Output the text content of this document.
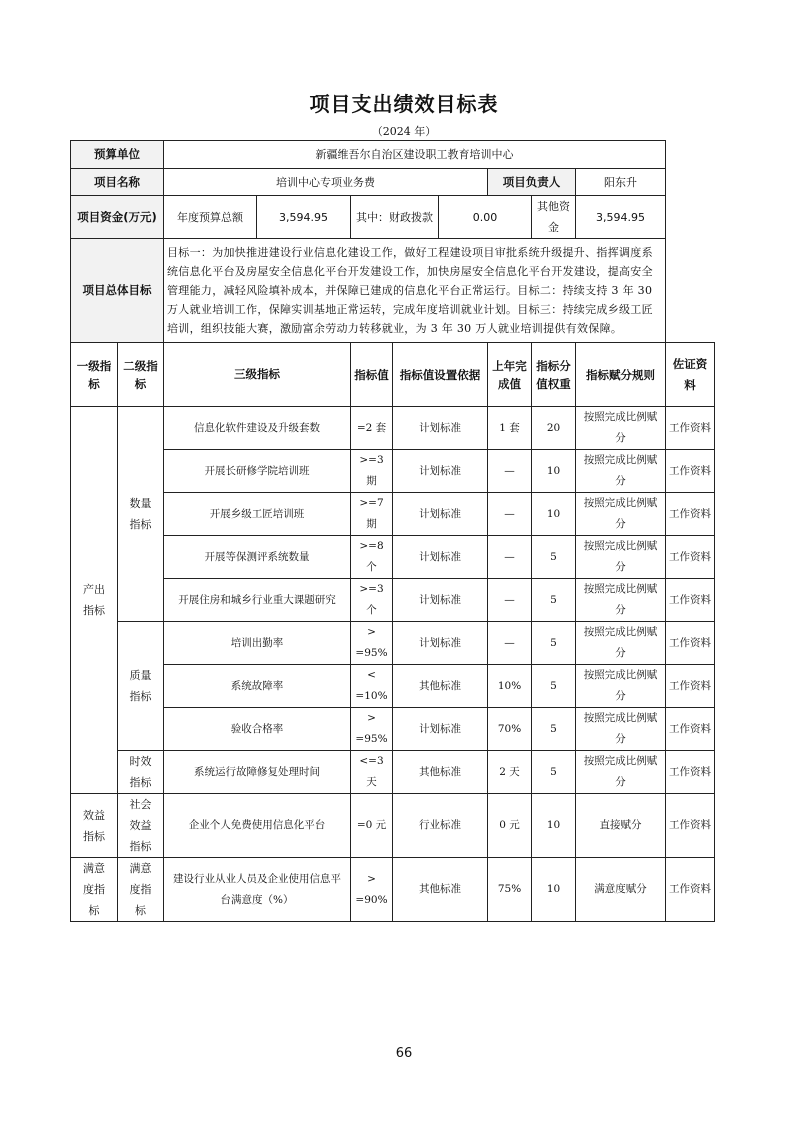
项目支出绩效目标表
（2024 年）
预算单位		新疆维吾尔自治区建设职工教育培训中心								
项目名称		培训中心专项业务费					项目负责人		阳东升	
项目资金(万元)		年度预算总额	3,594.95	其中：财政拨款		0.00		其他资金	3,594.95	
项目总体目标		目标一：为加快推进建设行业信息化建设工作，做好工程建设项目审批系统升级提升、指挥调度系统信息化平台及房屋安全信息化平台开发建设工作，加快房屋安全信息化平台开发建设，提高安全管理能力，减轻风险填补成本，并保障已建成的信息化平台正常运行。目标二：持续支持 3 年 30 万人就业培训工作，保障实训基地正常运转，完成年度培训就业计划。目标三：持续完成乡级工匠培训，组织技能大赛，激励富余劳动力转移就业，为 3 年 30 万人就业培训提供有效保障。								
一级指标	二级指标	三级指标		指标值	指标值设置依据		上年完成值	指标分值权重	指标赋分规则	佐证资料
产出指标	数量指标	信息化软件建设及升级套数		=2 套	计划标准		1 套	20	按照完成比例赋分	工作资料
		开展长研修学院培训班		>=3 期	计划标准		—	10	按照完成比例赋分	工作资料
		开展乡级工匠培训班		>=7 期	计划标准		—	10	按照完成比例赋分	工作资料
		开展等保测评系统数量		>=8 个	计划标准		—	5	按照完成比例赋分	工作资料
		开展住房和城乡行业重大课题研究		>=3 个	计划标准		—	5	按照完成比例赋分	工作资料
	质量指标	培训出勤率		> =95%	计划标准		—	5	按照完成比例赋分	工作资料
		系统故障率		< =10%	其他标准		10%	5	按照完成比例赋分	工作资料
		验收合格率		> =95%	计划标准		70%	5	按照完成比例赋分	工作资料
	时效指标	系统运行故障修复处理时间		<=3 天	其他标准		2 天	5	按照完成比例赋分	工作资料
效益指标	社会效益指标	企业个人免费使用信息化平台		=0 元	行业标准		0 元	10	直接赋分	工作资料
满意度指标	满意度指标	建设行业从业人员及企业使用信息平台满意度（%）		> =90%	其他标准		75%	10	满意度赋分	工作资料
66
